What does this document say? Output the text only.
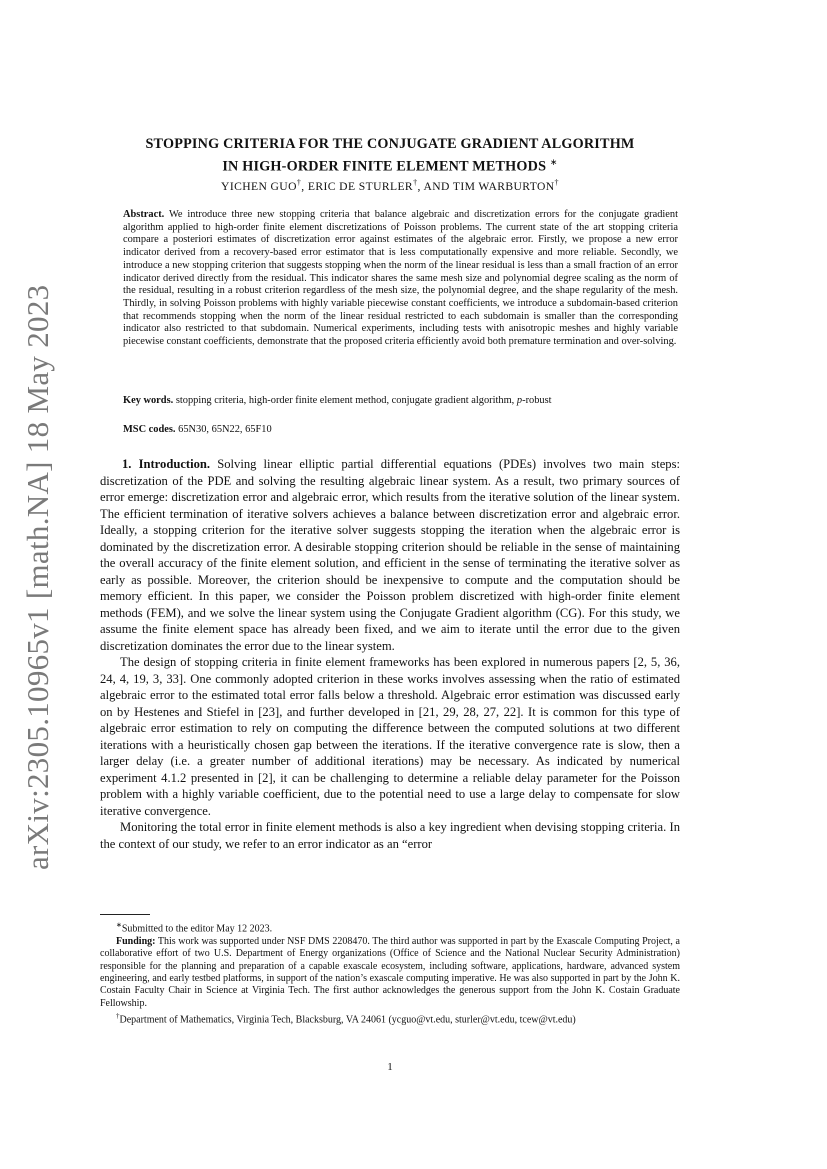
arXiv:2305.10965v1 [math.NA] 18 May 2023
STOPPING CRITERIA FOR THE CONJUGATE GRADIENT ALGORITHM
IN HIGH-ORDER FINITE ELEMENT METHODS ∗
YICHEN GUO†, ERIC DE STURLER†, AND TIM WARBURTON†

Abstract. We introduce three new stopping criteria that balance algebraic and discretization errors for the conjugate gradient algorithm applied to high-order finite element discretizations of Poisson problems. The current state of the art stopping criteria compare a posteriori estimates of discretization error against estimates of the algebraic error. Firstly, we propose a new error indicator derived from a recovery-based error estimator that is less computationally expensive and more reliable. Secondly, we introduce a new stopping criterion that suggests stopping when the norm of the linear residual is less than a small fraction of an error indicator derived directly from the residual. This indicator shares the same mesh size and polynomial degree scaling as the norm of the residual, resulting in a robust criterion regardless of the mesh size, the polynomial degree, and the shape regularity of the mesh. Thirdly, in solving Poisson problems with highly variable piecewise constant coefficients, we introduce a subdomain-based criterion that recommends stopping when the norm of the linear residual restricted to each subdomain is smaller than the corresponding indicator also restricted to that subdomain. Numerical experiments, including tests with anisotropic meshes and highly variable piecewise constant coefficients, demonstrate that the proposed criteria efficiently avoid both premature termination and over-solving.

Key words. stopping criteria, high-order finite element method, conjugate gradient algorithm, p-robust

MSC codes. 65N30, 65N22, 65F10

1. Introduction. Solving linear elliptic partial differential equations (PDEs) involves two main steps: discretization of the PDE and solving the resulting algebraic linear system. As a result, two primary sources of error emerge: discretization error and algebraic error, which results from the iterative solution of the linear system. The efficient termination of iterative solvers achieves a balance between discretization error and algebraic error. Ideally, a stopping criterion for the iterative solver suggests stopping the iteration when the algebraic error is dominated by the discretization error. A desirable stopping criterion should be reliable in the sense of maintaining the overall accuracy of the finite element solution, and efficient in the sense of terminating the iterative solver as early as possible. Moreover, the criterion should be inexpensive to compute and the computation should be memory efficient. In this paper, we consider the Poisson problem discretized with high-order finite element methods (FEM), and we solve the linear system using the Conjugate Gradient algorithm (CG). For this study, we assume the finite element space has already been fixed, and we aim to iterate until the error due to the given discretization dominates the error due to the linear system.

The design of stopping criteria in finite element frameworks has been explored in numerous papers [2, 5, 36, 24, 4, 19, 3, 33]. One commonly adopted criterion in these works involves assessing when the ratio of estimated algebraic error to the estimated total error falls below a threshold. Algebraic error estimation was discussed early on by Hestenes and Stiefel in [23], and further developed in [21, 29, 28, 27, 22]. It is common for this type of algebraic error estimation to rely on computing the difference between the computed solutions at two different iterations with a heuristically chosen gap between the iterations. If the iterative convergence rate is slow, then a larger delay (i.e. a greater number of additional iterations) may be necessary. As indicated by numerical experiment 4.1.2 presented in [2], it can be challenging to determine a reliable delay parameter for the Poisson problem with a highly variable coefficient, due to the potential need to use a large delay to compensate for slow iterative convergence.

Monitoring the total error in finite element methods is also a key ingredient when devising stopping criteria. In the context of our study, we refer to an error indicator as an “error

∗Submitted to the editor May 12 2023.

Funding: This work was supported under NSF DMS 2208470. The third author was supported in part by the Exascale Computing Project, a collaborative effort of two U.S. Department of Energy organizations (Office of Science and the National Nuclear Security Administration) responsible for the planning and preparation of a capable exascale ecosystem, including software, applications, hardware, advanced system engineering, and early testbed platforms, in support of the nation’s exascale computing imperative. He was also supported in part by the John K. Costain Faculty Chair in Science at Virginia Tech. The first author acknowledges the generous support from the John K. Costain Graduate Fellowship.

†Department of Mathematics, Virginia Tech, Blacksburg, VA 24061 (ycguo@vt.edu, sturler@vt.edu, tcew@vt.edu)

1
